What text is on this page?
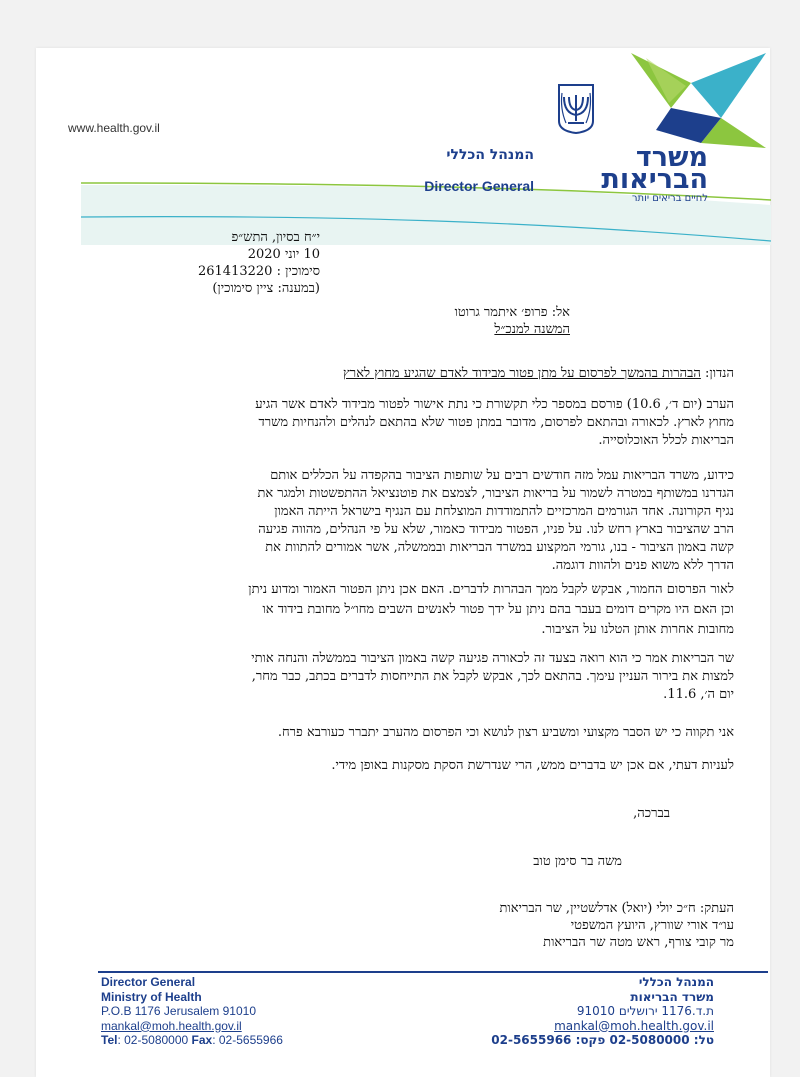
www.health.gov.il
המנהל הכללי
Director General
משרד
הבריאות
לחיים בריאים יותר
י״ח בסיון, התש״פ
10 יוני 2020
סימוכין : 261413220
(במענה: ציין סימוכין)
אל: פרופ׳ איתמר גרוטו
המשנה למנכ״ל
הנדון: הבהרות בהמשך לפרסום על מתן פטור מבידוד לאדם שהגיע מחוץ לארץ
הערב (יום ד׳, 10.6) פורסם במספר כלי תקשורת כי נתת אישור לפטור מבידוד לאדם אשר הגיע
מחוץ לארץ. לכאורה ובהתאם לפרסום, מדובר במתן פטור שלא בהתאם לנהלים ולהנחיות משרד
הבריאות לכלל האוכלוסייה.
כידוע, משרד הבריאות עמל מזה חודשים רבים על שותפות הציבור בהקפדה על הכללים אותם
הגדרנו במשותף במטרה לשמור על בריאות הציבור, לצמצם את פוטנציאל ההתפשטות ולמגר את
נגיף הקורונה. אחד הגורמים המרכזיים להתמודדות המוצלחת עם הנגיף בישראל הייתה האמון
הרב שהציבור בארץ רחש לנו. על פניו, הפטור מבידוד כאמור, שלא על פי הנהלים, מהווה פגיעה
קשה באמון הציבור - בנו, גורמי המקצוע במשרד הבריאות ובממשלה, אשר אמורים להתוות את
הדרך ללא משוא פנים ולהוות דוגמה.
לאור הפרסום החמור, אבקש לקבל ממך הבהרות לדברים. האם אכן ניתן הפטור האמור ומדוע ניתן
וכן האם היו מקרים דומים בעבר בהם ניתן על ידך פטור לאנשים השבים מחו״ל מחובת בידוד או
מחובות אחרות אותן הטלנו על הציבור.
שר הבריאות אמר כי הוא רואה בצעד זה לכאורה פגיעה קשה באמון הציבור בממשלה והנחה אותי
למצות את בירור העניין עימך. בהתאם לכך, אבקש לקבל את התייחסות לדברים בכתב, כבר מחר,
יום ה׳, 11.6.
אני תקווה כי יש הסבר מקצועי ומשביע רצון לנושא וכי הפרסום מהערב יתברר כעורבא פרח.
לעניות דעתי, אם אכן יש בדברים ממש, הרי שנדרשת הסקת מסקנות באופן מידי.
בברכה,
משה בר סימן טוב
העתק: ח״כ יולי (יואל) אדלשטיין, שר הבריאות
עו״ד אורי שוורץ, היועץ המשפטי
מר קובי צורף, ראש מטה שר הבריאות
Director General
Ministry of Health
P.O.B 1176 Jerusalem 91010
mankal@moh.health.gov.il
Tel: 02-5080000 Fax: 02-5655966
המנהל הכללי
משרד הבריאות
ת.ד.1176 ירושלים 91010
mankal@moh.health.gov.il
טל: 02-5080000 פקס: 02-5655966
